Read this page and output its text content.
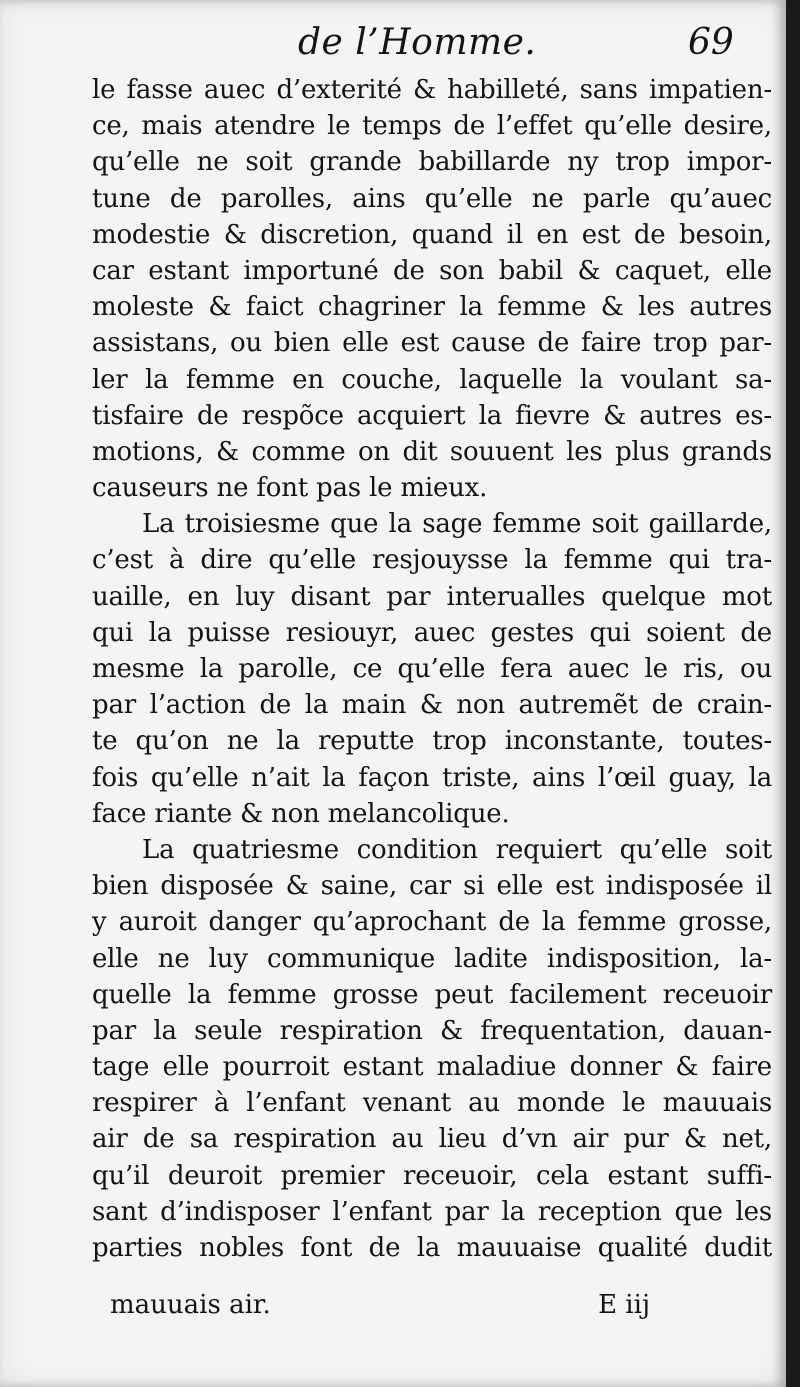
de l’Homme.	69
le fasse auec d’exterité & habilleté, sans impatien-
ce, mais atendre le temps de l’effet qu’elle desire,
qu’elle ne soit grande babillarde ny trop impor-
tune de parolles, ains qu’elle ne parle qu’auec
modestie & discretion, quand il en est de besoin,
car estant importuné de son babil & caquet, elle
moleste & faict chagriner la femme & les autres
assistans, ou bien elle est cause de faire trop par-
ler la femme en couche, laquelle la voulant sa-
tisfaire de respõce acquiert la fievre & autres es-
motions, & comme on dit souuent les plus grands
causeurs ne font pas le mieux.
La troisiesme que la sage femme soit gaillarde,
c’est à dire qu’elle resjouysse la femme qui tra-
uaille, en luy disant par interualles quelque mot
qui la puisse resiouyr, auec gestes qui soient de
mesme la parolle, ce qu’elle fera auec le ris, ou
par l’action de la main & non autremẽt de crain-
te qu’on ne la reputte trop inconstante, toutes-
fois qu’elle n’ait la façon triste, ains l’œil guay, la
face riante & non melancolique.
La quatriesme condition requiert qu’elle soit
bien disposée & saine, car si elle est indisposée il
y auroit danger qu’aprochant de la femme grosse,
elle ne luy communique ladite indisposition, la-
quelle la femme grosse peut facilement receuoir
par la seule respiration & frequentation, dauan-
tage elle pourroit estant maladiue donner & faire
respirer à l’enfant venant au monde le mauuais
air de sa respiration au lieu d’vn air pur & net,
qu’il deuroit premier receuoir, cela estant suffi-
sant d’indisposer l’enfant par la reception que les
parties nobles font de la mauuaise qualité dudit
mauuais air.	E iij
